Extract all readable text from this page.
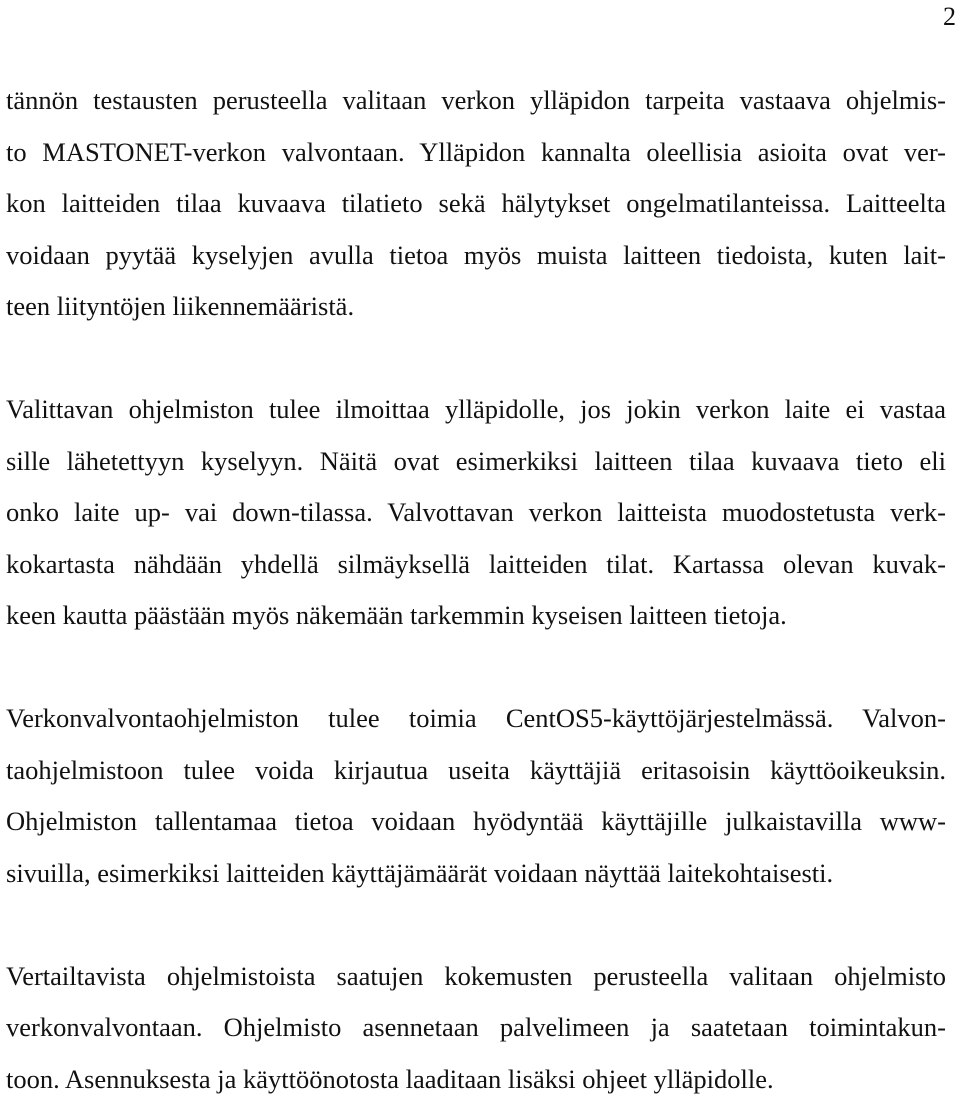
2
tännön testausten perusteella valitaan verkon ylläpidon tarpeita vastaava ohjelmis-
to MASTONET-verkon valvontaan. Ylläpidon kannalta oleellisia asioita ovat ver-
kon laitteiden tilaa kuvaava tilatieto sekä hälytykset ongelmatilanteissa. Laitteelta
voidaan pyytää kyselyjen avulla tietoa myös muista laitteen tiedoista, kuten lait-
teen liityntöjen liikennemääristä.
Valittavan ohjelmiston tulee ilmoittaa ylläpidolle, jos jokin verkon laite ei vastaa
sille lähetettyyn kyselyyn. Näitä ovat esimerkiksi laitteen tilaa kuvaava tieto eli
onko laite up- vai down-tilassa. Valvottavan verkon laitteista muodostetusta verk-
kokartasta nähdään yhdellä silmäyksellä laitteiden tilat. Kartassa olevan kuvak-
keen kautta päästään myös näkemään tarkemmin kyseisen laitteen tietoja.
Verkonvalvontaohjelmiston tulee toimia CentOS5-käyttöjärjestelmässä. Valvon-
taohjelmistoon tulee voida kirjautua useita käyttäjiä eritasoisin käyttöoikeuksin.
Ohjelmiston tallentamaa tietoa voidaan hyödyntää käyttäjille julkaistavilla www-
sivuilla, esimerkiksi laitteiden käyttäjämäärät voidaan näyttää laitekohtaisesti.
Vertailtavista ohjelmistoista saatujen kokemusten perusteella valitaan ohjelmisto
verkonvalvontaan. Ohjelmisto asennetaan palvelimeen ja saatetaan toimintakun-
toon. Asennuksesta ja käyttöönotosta laaditaan lisäksi ohjeet ylläpidolle.
